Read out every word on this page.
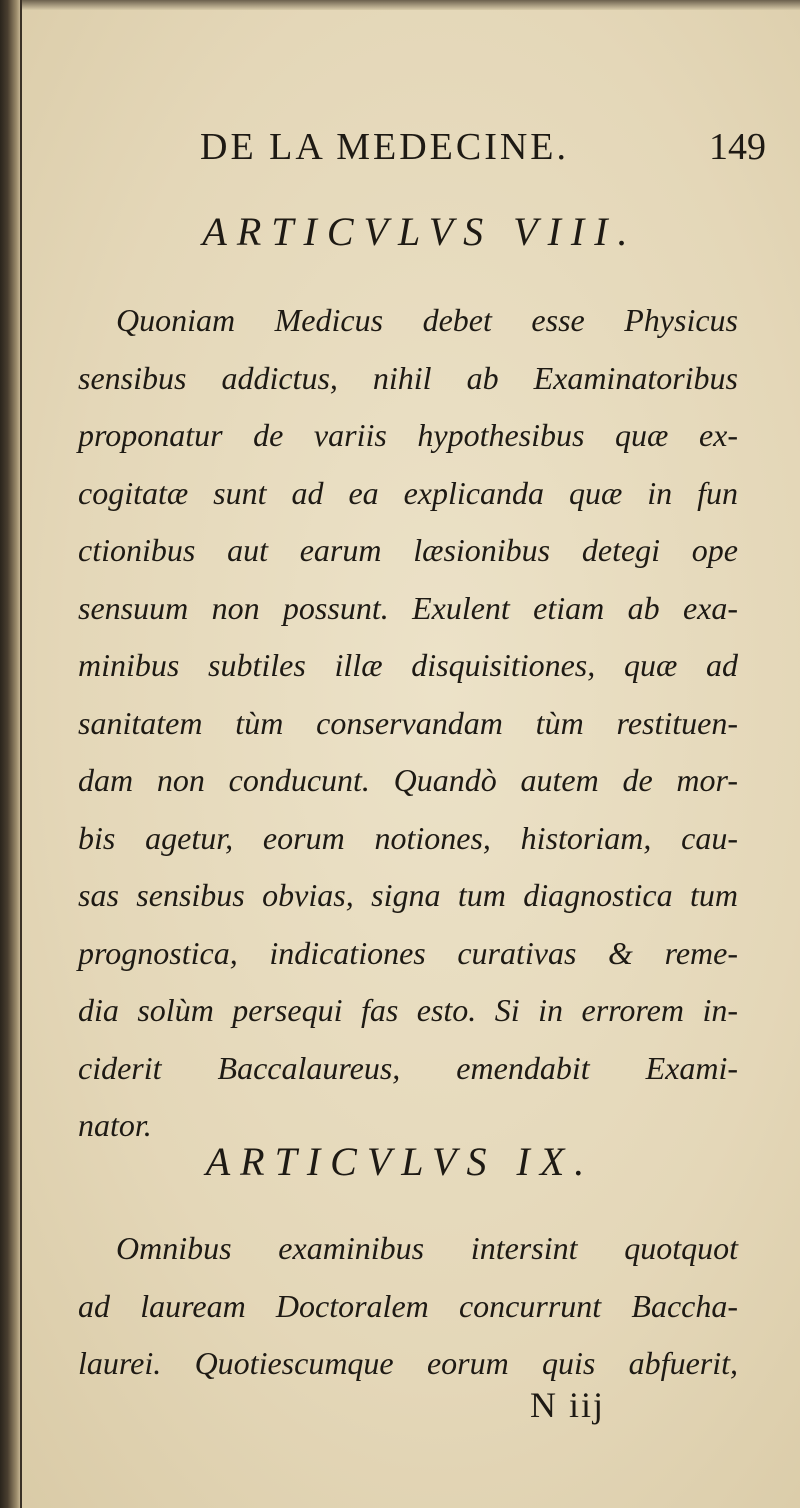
DE LA MEDECINE.	149
ARTICVLVS VIII.
Quoniam Medicus debet esse Physicus
sensibus addictus, nihil ab Examinatoribus
proponatur de variis hypothesibus quæ ex-
cogitatæ sunt ad ea explicanda quæ in fun
ctionibus aut earum læsionibus detegi ope
sensuum non possunt. Exulent etiam ab exa-
minibus subtiles illæ disquisitiones, quæ ad
sanitatem tùm conservandam tùm restituen-
dam non conducunt. Quandò autem de mor-
bis agetur, eorum notiones, historiam, cau-
sas sensibus obvias, signa tum diagnostica tum
prognostica, indicationes curativas & reme-
dia solùm persequi fas esto. Si in errorem in-
ciderit Baccalaureus, emendabit Exami-
nator.
ARTICVLVS IX.
Omnibus examinibus intersint quotquot
ad lauream Doctoralem concurrunt Baccha-
laurei. Quotiescumque eorum quis abfuerit,
N iij
